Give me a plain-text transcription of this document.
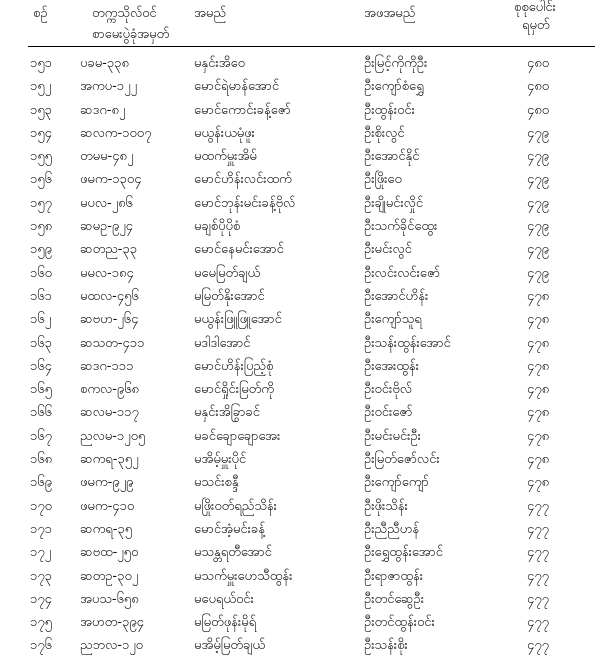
စဉ်	တက္ကသိုလ်ဝင်
စာမေးပွဲခုံအမှတ်
အမည်	အဖအမည်	စုစုပေါင်း
ရမှတ်
၁၅၁ ပခမ-၃၃၈	မနှင်းအိဝေ	ဦးမြင့်ကိုကိုဦး	၄၈၀
၁၅၂ အကပ-၁၂၂	မောင်ရဲမာန်အောင်	ဦးကျော်စံရွှေ	၄၈၀
၁၅၃ ဆဒဂ-၈၂	မောင်ကောင်းခန့်ဇော်	ဦးထွန်းဝင်း	၄၈၀
၁၅၄ ဆလက-၁၀၀၇	မယွန်းယမုံဖူး	ဦးစိုးလွင်	၄၇၉
၁၅၅ တမမ-၄၈၂	မထက်မှူးအိမ်	ဦးအောင်နိုင်	၄၇၉
၁၅၆ ဖမက-၁၃၀၄	မောင်ဟိန်းလင်းထက်	ဦးဖြိုးဝေ	၄၇၉
၁၅၇ မပလ-၂၈၆	မောင်ဘုန်းမင်းခန့်ဗိုလ်	ဦးချိုမင်းလှိုင်	၄၇၉
၁၅၈ ဆမဥ-၉၂၄	မချစ်ပိုပိုစံ	ဦးသက်ခိုင်ထွေး	၄၇၉
၁၅၉ ဆတည-၃၃	မောင်နေမင်းအောင်	ဦးမင်းလွင်	၄၇၉
၁၆၀ မမလ-၁၈၄	မမေမြတ်ချယ်	ဦးလင်းလင်းဇော်	၄၇၉
၁၆၁ မထလ-၄၅၆	မမြတ်နိုးအောင်	ဦးအောင်ဟိန်း	၄၇၈
၁၆၂ ဆဗဟ-၂၆၄	မယွန်းဖြူဖြူအောင်	ဦးကျော်သူရ	၄၇၈
၁၆၃ ဆသတ-၄၁၁	မဒါဒါအောင်	ဦးသန်းထွန်းအောင်	၄၇၈
၁၆၄ ဆဒဂ-၁၁၁	မောင်ဟိန်းပြည့်စုံ	ဦးအေးထွန်း	၄၇၈
၁၆၅ စကလ-၉၆၈	မောင်ရှိုင်းမြတ်ကို	ဦးဝင်းဗိုလ်	၄၇၈
၁၆၆ ဆလမ-၁၁၇	မနှင်းအိခြွာခင်	ဦးဝင်းဇော်	၄၇၈
၁၆၇ ညလမ-၁၂၀၅	မခင်ချောချောအေး	ဦးမင်းမင်းဦး	၄၇၈
၁၆၈ ဆကရ-၃၅၂	မအိမ့်မှူးပိုင်	ဦးမြတ်ဇော်လင်း	၄၇၈
၁၆၉ ဖမက-၉၂၉	မသင်းစန္ဒီ	ဦးကျော်ကျော်	၄၇၈
၁၇၀ ဖမက-၄၁၀	မဖြိုးဝတ်ရည်သိန်း	ဦးဖိုးသိန်း	၄၇၇
၁၇၁ ဆကရ-၃၅	မောင်အံ့မင်းခန့်	ဦးညီညီဟန်	၄၇၇
၁၇၂ ဆဗထ-၂၅၀	မသန္တရတီအောင်	ဦးရွှေထွန်းအောင်	၄၇၇
၁၇၃ ဆတဥ-၃၀၂	မသက်မှူးဟေသီထွန်း	ဦးရာဇာထွန်း	၄၇၇
၁၇၄ အပသ-၆၅၈	မပေရယ်ဝင်း	ဦးတင်ဆွေဦး	၄၇၇
၁၇၅ အဟတ-၃၉၄	မမြတ်ဖုန်းမိုရ်	ဦးတင်ထွန်းဝင်း	၄၇၇
၁၇၆ ညဘလ-၁၂၀	မအိမ့်မြတ်ချယ်	ဦးသန်းစိုး	၄၇၇
